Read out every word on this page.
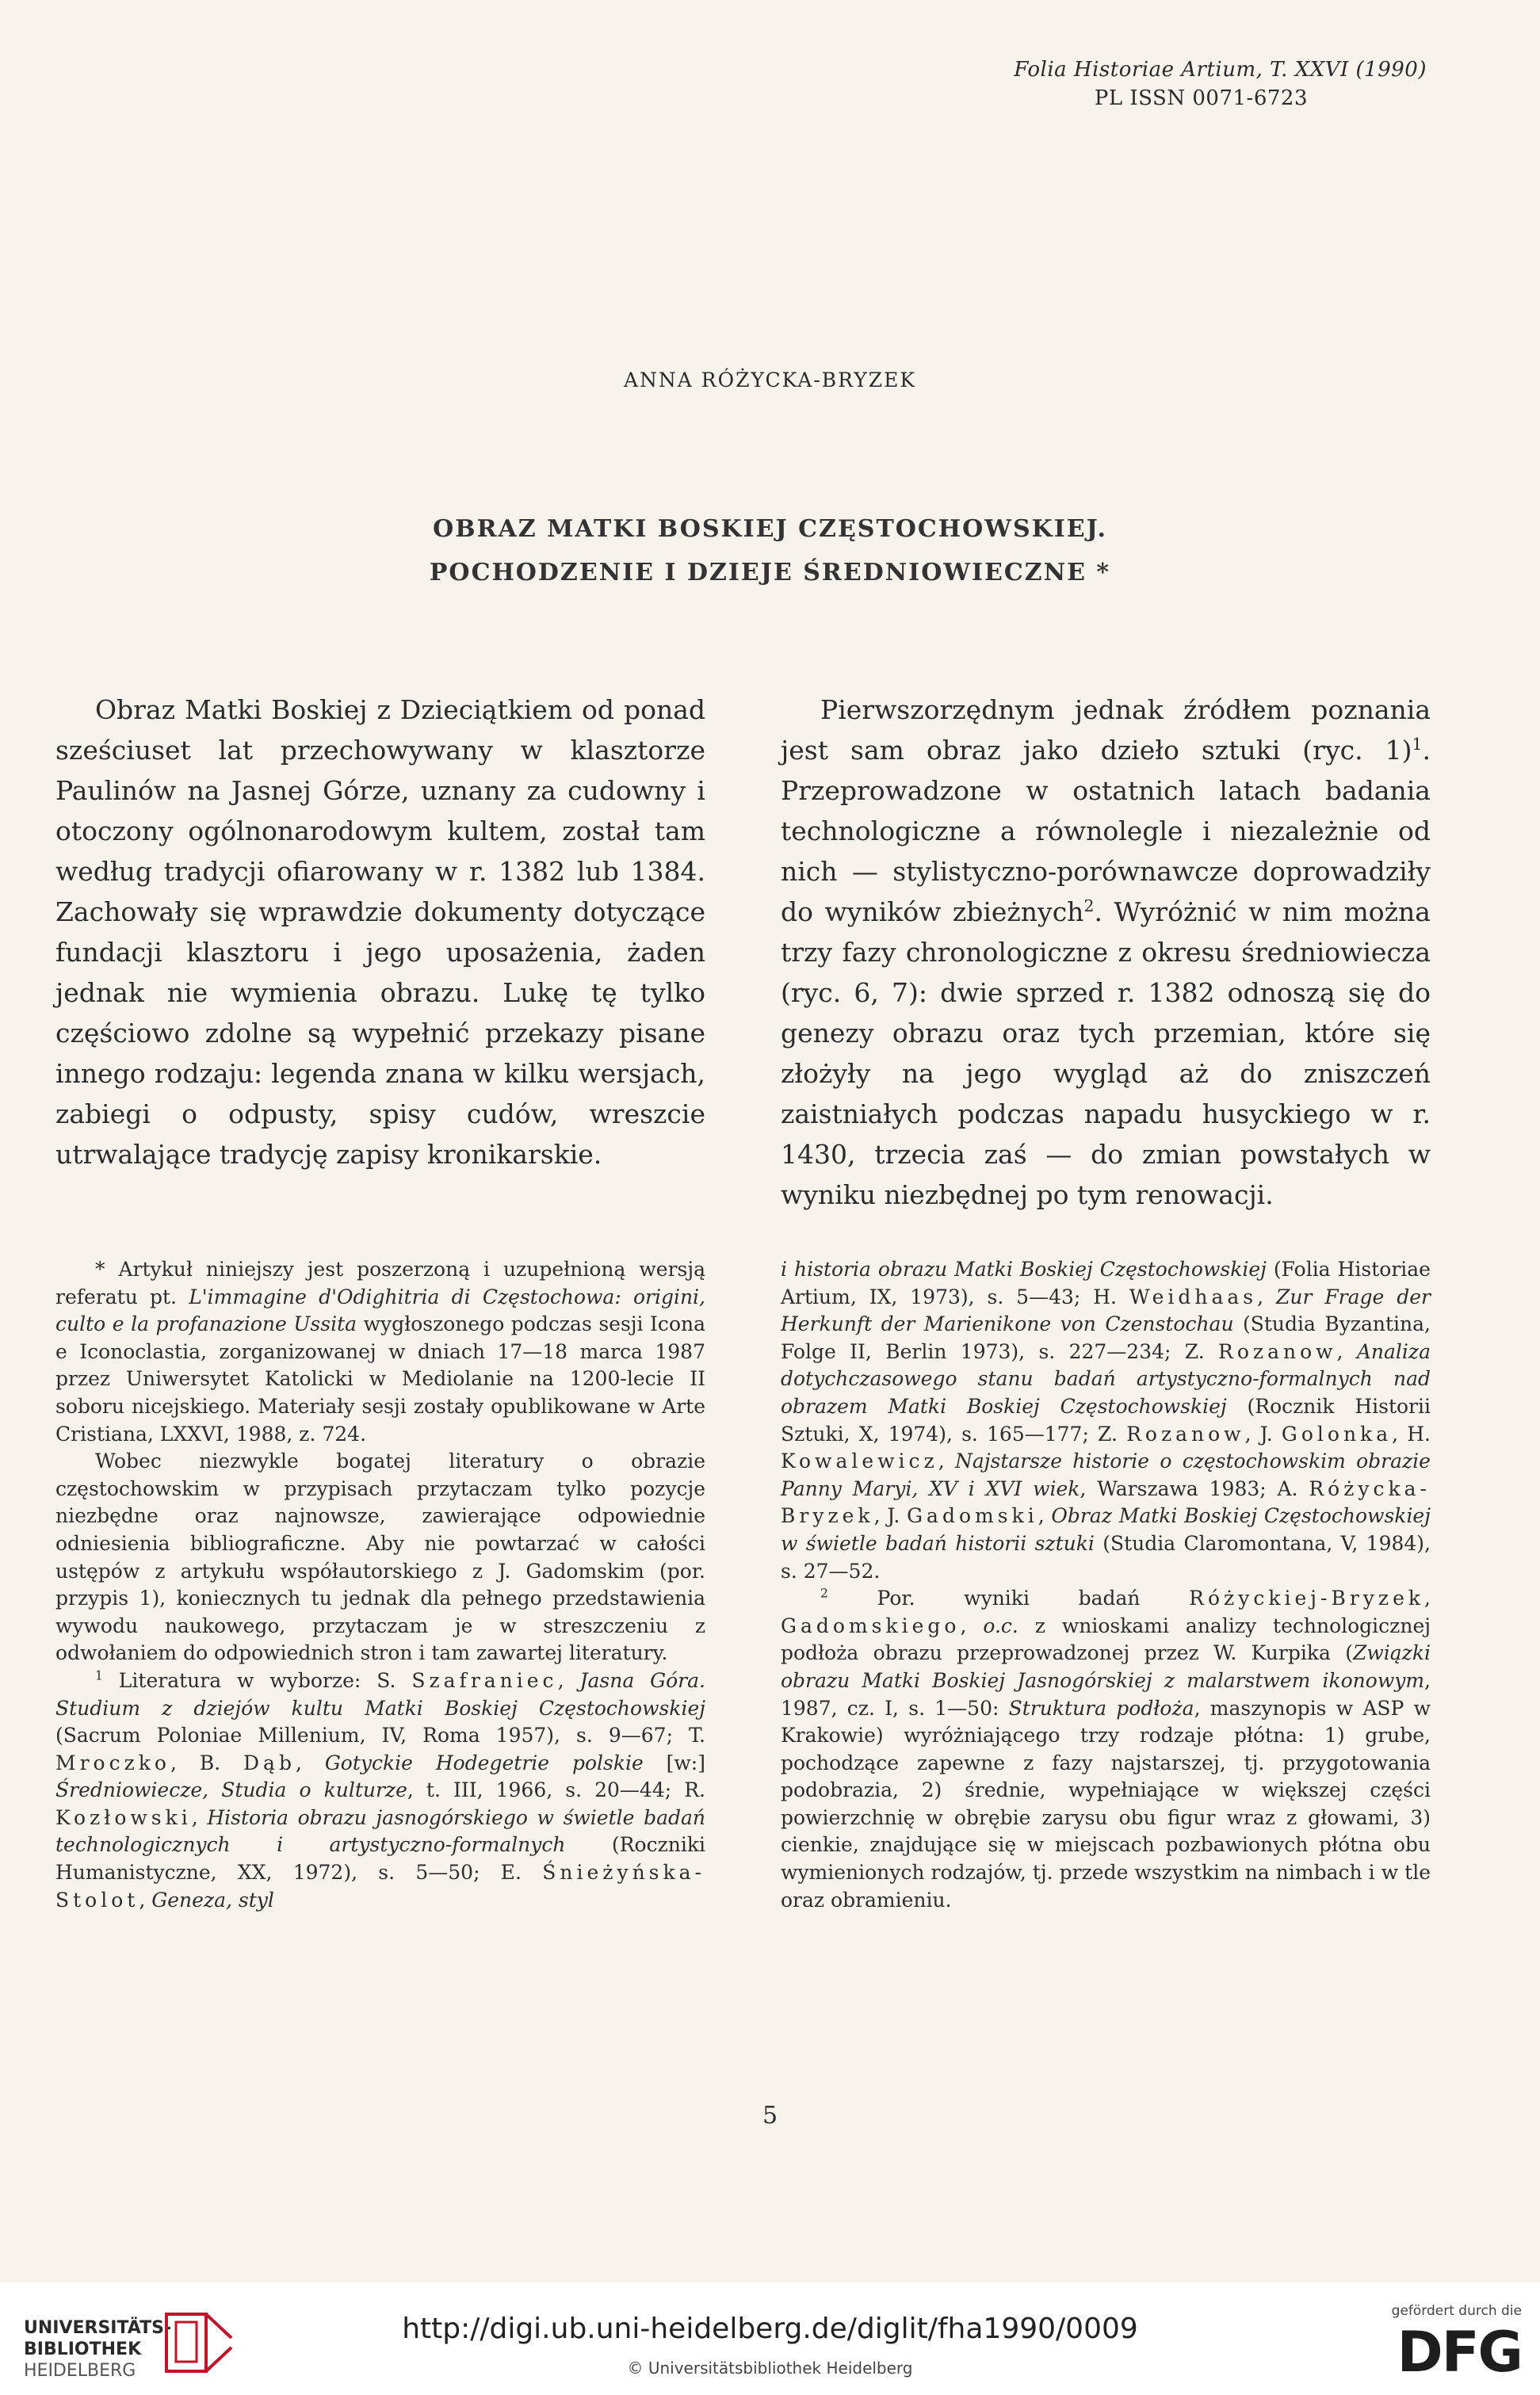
Folia Historiae Artium, T. XXVI (1990)
PL ISSN 0071-6723
ANNA RÓŻYCKA-BRYZEK
OBRAZ MATKI BOSKIEJ CZĘSTOCHOWSKIEJ.
POCHODZENIE I DZIEJE ŚREDNIOWIECZNE *

Obraz Matki Boskiej z Dzieciątkiem od ponad sześciuset lat przechowywany w klasztorze Paulinów na Jasnej Górze, uznany za cudowny i otoczony ogólnonarodowym kultem, został tam według tradycji ofiarowany w r. 1382 lub 1384. Zachowały się wprawdzie dokumenty dotyczące fundacji klasztoru i jego uposażenia, żaden jednak nie wymienia obrazu. Lukę tę tylko częściowo zdolne są wypełnić przekazy pisane innego rodzaju: legenda znana w kilku wersjach, zabiegi o odpusty, spisy cudów, wreszcie utrwalające tradycję zapisy kronikarskie.

Pierwszorzędnym jednak źródłem poznania jest sam obraz jako dzieło sztuki (ryc. 1)$^1$. Przeprowadzone w ostatnich latach badania technologiczne a równolegle i niezależnie od nich — stylistyczno-porównawcze doprowadziły do wyników zbieżnych$^2$. Wyróżnić w nim można trzy fazy chronologiczne z okresu średniowiecza (ryc. 6, 7): dwie sprzed r. 1382 odnoszą się do genezy obrazu oraz tych przemian, które się złożyły na jego wygląd aż do zniszczeń zaistniałych podczas napadu husyckiego w r. 1430, trzecia zaś — do zmian powstałych w wyniku niezbędnej po tym renowacji.

* Artykuł niniejszy jest poszerzoną i uzupełnioną wersją referatu pt. L'immagine d'Odighitria di Częstochowa: origini, culto e la profanazione Ussita wygłoszonego podczas sesji Icona e Iconoclastia, zorganizowanej w dniach 17—18 marca 1987 przez Uniwersytet Katolicki w Mediolanie na 1200-lecie II soboru nicejskiego. Materiały sesji zostały opublikowane w Arte Cristiana, LXXVI, 1988, z. 724.

Wobec niezwykle bogatej literatury o obrazie częstochowskim w przypisach przytaczam tylko pozycje niezbędne oraz najnowsze, zawierające odpowiednie odniesienia bibliograficzne. Aby nie powtarzać w całości ustępów z artykułu współautorskiego z J. Gadomskim (por. przypis 1), koniecznych tu jednak dla pełnego przedstawienia wywodu naukowego, przytaczam je w streszczeniu z odwołaniem do odpowiednich stron i tam zawartej literatury.

$^1$ Literatura w wyborze: S. Szafraniec, Jasna Góra. Studium z dziejów kultu Matki Boskiej Częstochowskiej (Sacrum Poloniae Millenium, IV, Roma 1957), s. 9—67; T. Mroczko, B. Dąb, Gotyckie Hodegetrie polskie [w:] Średniowiecze, Studia o kulturze, t. III, 1966, s. 20—44; R. Kozłowski, Historia obrazu jasnogórskiego w świetle badań technologicznych i artystyczno-formalnych (Roczniki Humanistyczne, XX, 1972), s. 5—50; E. Śnieżyńska-Stolot, Geneza, styl

i historia obrazu Matki Boskiej Częstochowskiej (Folia Historiae Artium, IX, 1973), s. 5—43; H. Weidhaas, Zur Frage der Herkunft der Marienikone von Czenstochau (Studia Byzantina, Folge II, Berlin 1973), s. 227—234; Z. Rozanow, Analiza dotychczasowego stanu badań artystyczno-formalnych nad obrazem Matki Boskiej Częstochowskiej (Rocznik Historii Sztuki, X, 1974), s. 165—177; Z. Rozanow, J. Golonka, H. Kowalewicz, Najstarsze historie o częstochowskim obrazie Panny Maryi, XV i XVI wiek, Warszawa 1983; A. Różycka-Bryzek, J. Gadomski, Obraz Matki Boskiej Częstochowskiej w świetle badań historii sztuki (Studia Claromontana, V, 1984), s. 27—52.

$^2$ Por. wyniki badań Różyckiej-Bryzek, Gadomskiego, o.c. z wnioskami analizy technologicznej podłoża obrazu przeprowadzonej przez W. Kurpika (Związki obrazu Matki Boskiej Jasnogórskiej z malarstwem ikonowym, 1987, cz. I, s. 1—50: Struktura podłoża, maszynopis w ASP w Krakowie) wyróżniającego trzy rodzaje płótna: 1) grube, pochodzące zapewne z fazy najstarszej, tj. przygotowania podobrazia, 2) średnie, wypełniające w większej części powierzchnię w obrębie zarysu obu figur wraz z głowami, 3) cienkie, znajdujące się w miejscach pozbawionych płótna obu wymienionych rodzajów, tj. przede wszystkim na nimbach i w tle oraz obramieniu.

5
UNIVERSITÄTS-
BIBLIOTHEK
HEIDELBERG
http://digi.ub.uni-heidelberg.de/diglit/fha1990/0009
© Universitätsbibliothek Heidelberg
gefördert durch die
DFG
